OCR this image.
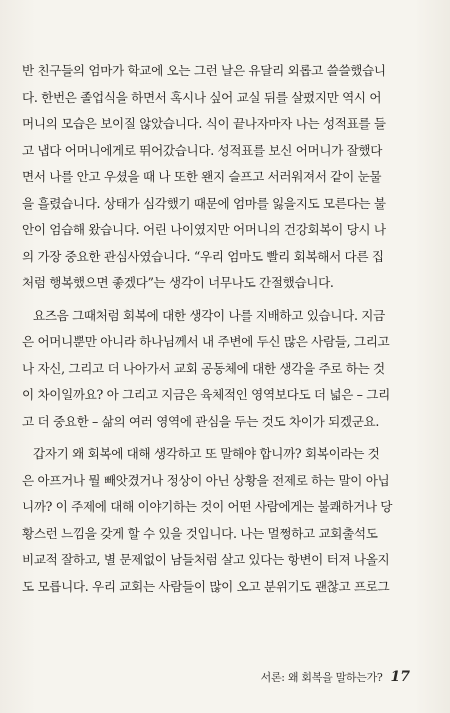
반 친구들의 엄마가 학교에 오는 그런 날은 유달리 외롭고 쓸쓸했습니
다. 한번은 졸업식을 하면서 혹시나 싶어 교실 뒤를 살폈지만 역시 어
머니의 모습은 보이질 않았습니다. 식이 끝나자마자 나는 성적표를 들
고 냅다 어머니에게로 뛰어갔습니다. 성적표를 보신 어머니가 잘했다
면서 나를 안고 우셨을 때 나 또한 왠지 슬프고 서러워져서 같이 눈물
을 흘렸습니다. 상태가 심각했기 때문에 엄마를 잃을지도 모른다는 불
안이 엄습해 왔습니다. 어린 나이였지만 어머니의 건강회복이 당시 나
의 가장 중요한 관심사였습니다. “우리 엄마도 빨리 회복해서 다른 집
처럼 행복했으면 좋겠다”는 생각이 너무나도 간절했습니다.
요즈음 그때처럼 회복에 대한 생각이 나를 지배하고 있습니다. 지금
은 어머니뿐만 아니라 하나님께서 내 주변에 두신 많은 사람들, 그리고
나 자신, 그리고 더 나아가서 교회 공동체에 대한 생각을 주로 하는 것
이 차이일까요? 아 그리고 지금은 육체적인 영역보다도 더 넓은 – 그리
고 더 중요한 – 삶의 여러 영역에 관심을 두는 것도 차이가 되겠군요.
갑자기 왜 회복에 대해 생각하고 또 말해야 합니까? 회복이라는 것
은 아프거나 뭘 빼앗겼거나 정상이 아닌 상황을 전제로 하는 말이 아닙
니까? 이 주제에 대해 이야기하는 것이 어떤 사람에게는 불쾌하거나 당
황스런 느낌을 갖게 할 수 있을 것입니다. 나는 멀쩡하고 교회출석도
비교적 잘하고, 별 문제없이 남들처럼 살고 있다는 항변이 터져 나올지
도 모릅니다. 우리 교회는 사람들이 많이 오고 분위기도 괜찮고 프로그
서론: 왜 회복을 말하는가? 17
